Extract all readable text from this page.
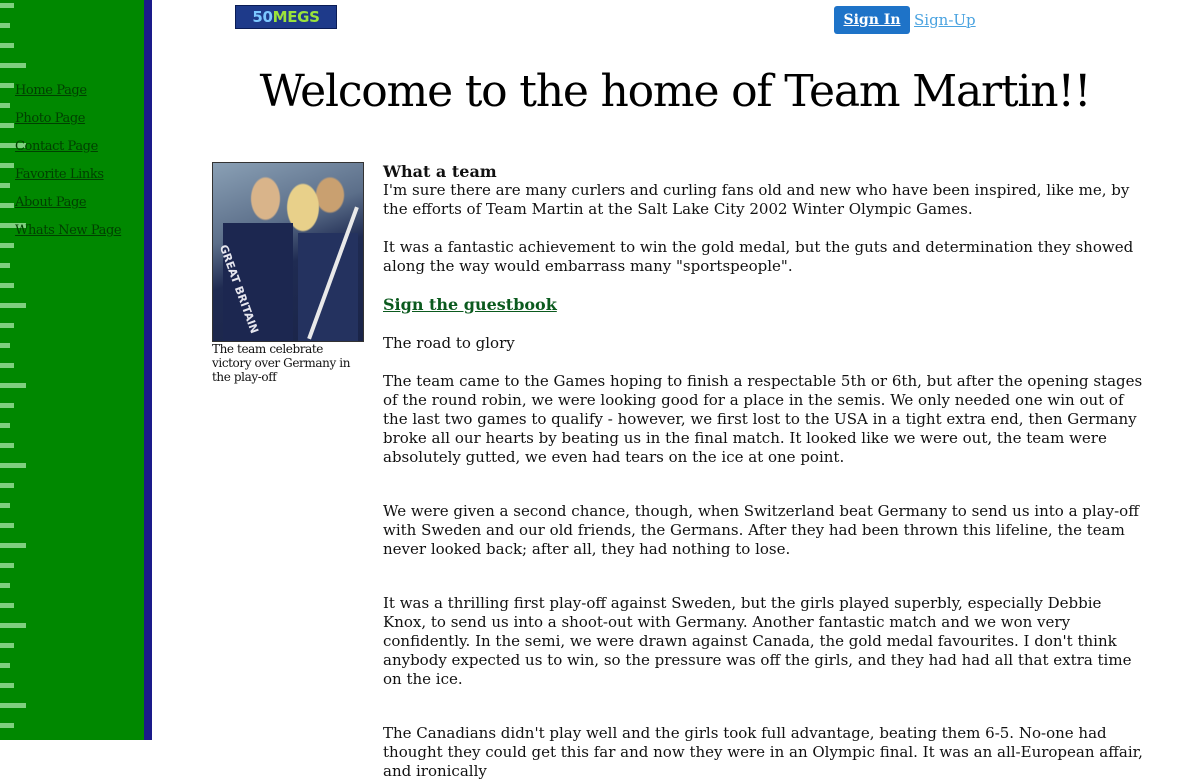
Home Page
Photo Page
Contact Page
Favorite Links
About Page
Whats New Page
50 MEGS	Sign In Sign-Up
Welcome to the home of Team Martin!!
GREAT BRITAIN
The team celebrate victory over Germany in the play-off

What a team

I'm sure there are many curlers and curling fans old and new who have been inspired, like me, by the efforts of Team Martin at the Salt Lake City 2002 Winter Olympic Games.

It was a fantastic achievement to win the gold medal, but the guts and determination they showed along the way would embarrass many "sportspeople".

Sign the guestbook

The road to glory

The team came to the Games hoping to finish a respectable 5th or 6th, but after the opening stages of the round robin, we were looking good for a place in the semis. We only needed one win out of the last two games to qualify - however, we first lost to the USA in a tight extra end, then Germany broke all our hearts by beating us in the final match. It looked like we were out, the team were absolutely gutted, we even had tears on the ice at one point.

We were given a second chance, though, when Switzerland beat Germany to send us into a play-off with Sweden and our old friends, the Germans. After they had been thrown this lifeline, the team never looked back; after all, they had nothing to lose.

It was a thrilling first play-off against Sweden, but the girls played superbly, especially Debbie Knox, to send us into a shoot-out with Germany. Another fantastic match and we won very confidently. In the semi, we were drawn against Canada, the gold medal favourites. I don't think anybody expected us to win, so the pressure was off the girls, and they had had all that extra time on the ice.

The Canadians didn't play well and the girls took full advantage, beating them 6-5. No-one had thought they could get this far and now they were in an Olympic final. It was an all-European affair, and ironically
